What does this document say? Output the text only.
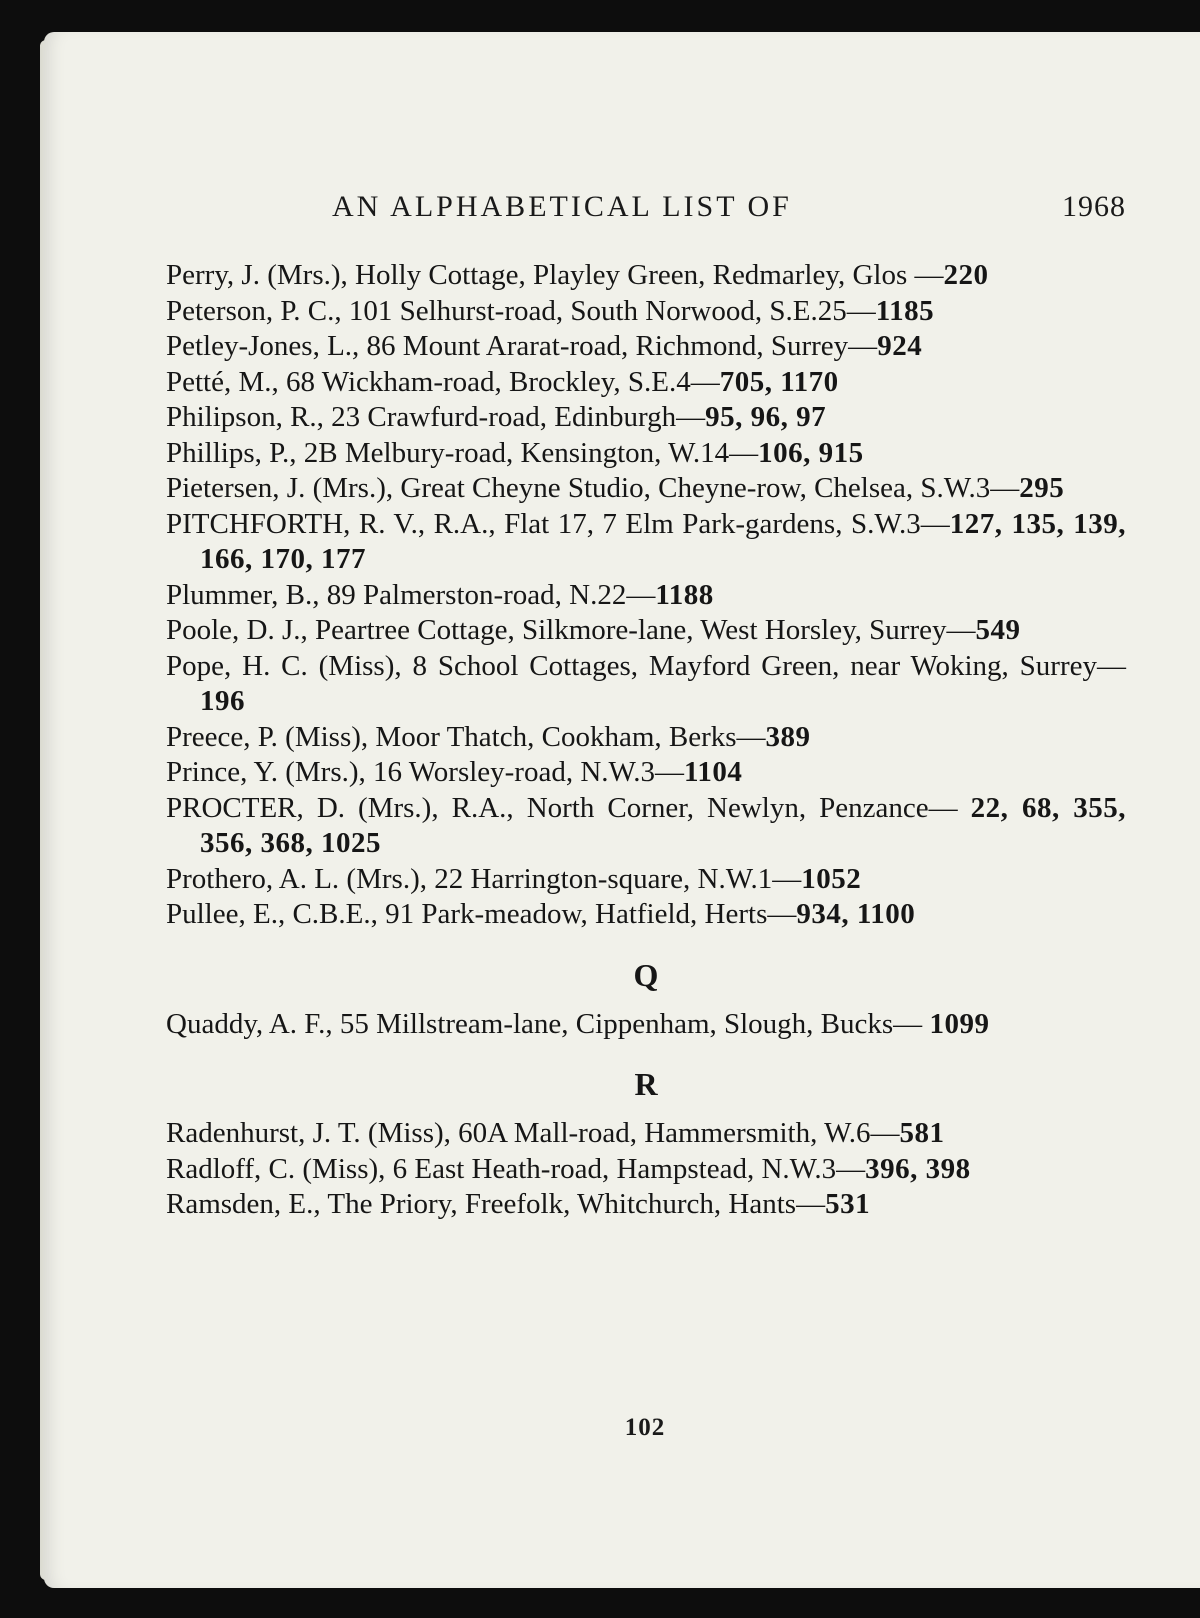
AN ALPHABETICAL LIST OF	1968
Perry, J. (Mrs.), Holly Cottage, Playley Green, Redmarley, Glos —220
Peterson, P. C., 101 Selhurst-road, South Norwood, S.E.25—1185
Petley-Jones, L., 86 Mount Ararat-road, Richmond, Surrey—924
Petté, M., 68 Wickham-road, Brockley, S.E.4—705, 1170
Philipson, R., 23 Crawfurd-road, Edinburgh—95, 96, 97
Phillips, P., 2B Melbury-road, Kensington, W.14—106, 915
Pietersen, J. (Mrs.), Great Cheyne Studio, Cheyne-row, Chelsea, S.W.3—295
PITCHFORTH, R. V., R.A., Flat 17, 7 Elm Park-gardens, S.W.3—127, 135, 139, 166, 170, 177
Plummer, B., 89 Palmerston-road, N.22—1188
Poole, D. J., Peartree Cottage, Silkmore-lane, West Horsley, Surrey—549
Pope, H. C. (Miss), 8 School Cottages, Mayford Green, near Woking, Surrey—196
Preece, P. (Miss), Moor Thatch, Cookham, Berks—389
Prince, Y. (Mrs.), 16 Worsley-road, N.W.3—1104
PROCTER, D. (Mrs.), R.A., North Corner, Newlyn, Penzance— 22, 68, 355, 356, 368, 1025
Prothero, A. L. (Mrs.), 22 Harrington-square, N.W.1—1052
Pullee, E., C.B.E., 91 Park-meadow, Hatfield, Herts—934, 1100
Q
Quaddy, A. F., 55 Millstream-lane, Cippenham, Slough, Bucks— 1099
R
Radenhurst, J. T. (Miss), 60A Mall-road, Hammersmith, W.6—581
Radloff, C. (Miss), 6 East Heath-road, Hampstead, N.W.3—396, 398
Ramsden, E., The Priory, Freefolk, Whitchurch, Hants—531
102
